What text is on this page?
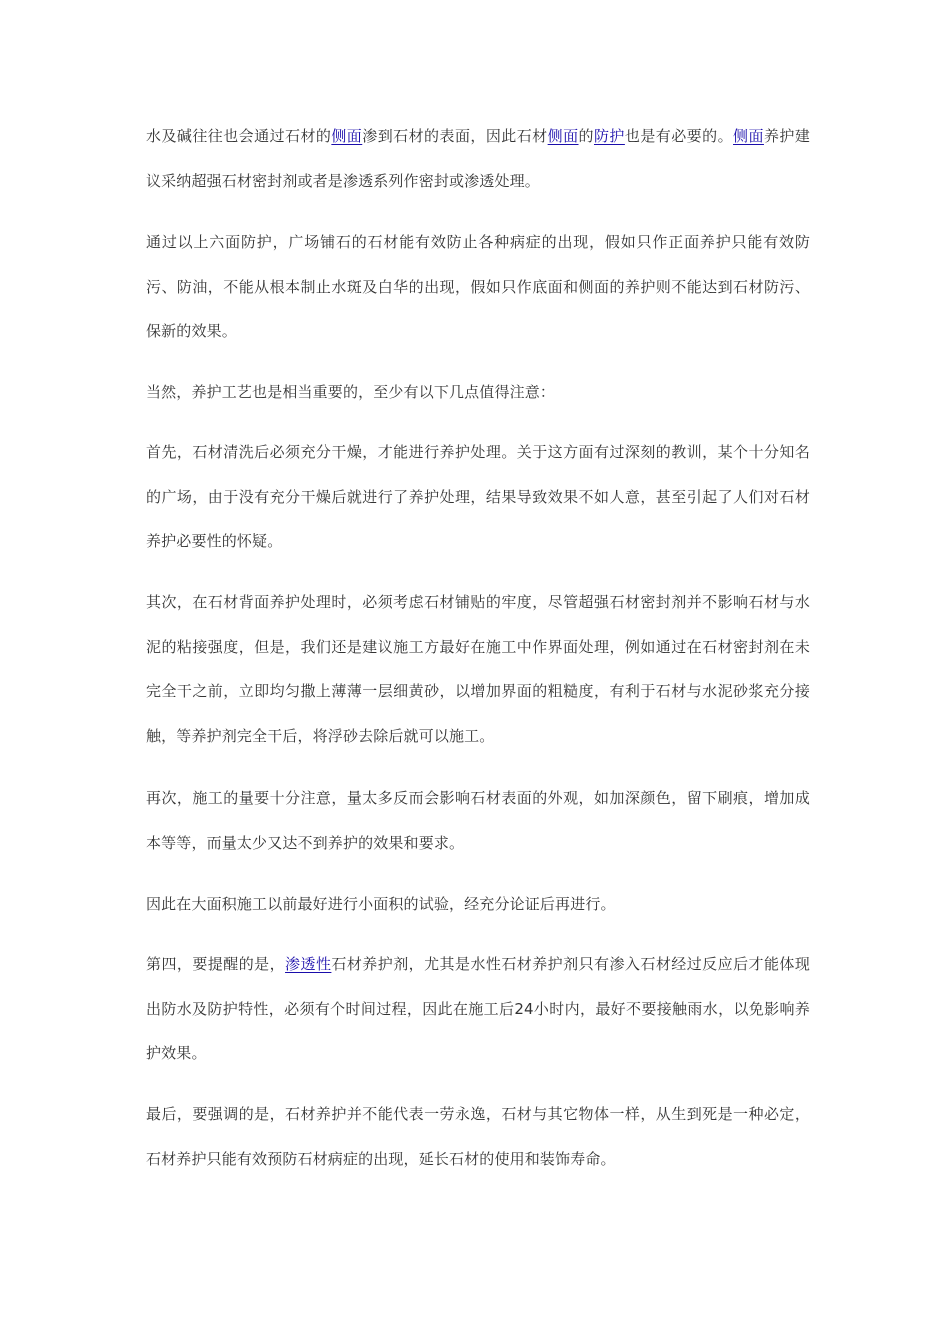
水及碱往往也会通过石材的侧面渗到石材的表面，因此石材侧面的防护也是有必要的。侧面养护建议采纳超强石材密封剂或者是渗透系列作密封或渗透处理。

通过以上六面防护，广场铺石的石材能有效防止各种病症的出现，假如只作正面养护只能有效防污、防油，不能从根本制止水斑及白华的出现，假如只作底面和侧面的养护则不能达到石材防污、保新的效果。

当然，养护工艺也是相当重要的，至少有以下几点值得注意：

首先，石材清洗后必须充分干燥，才能进行养护处理。关于这方面有过深刻的教训，某个十分知名的广场，由于没有充分干燥后就进行了养护处理，结果导致效果不如人意，甚至引起了人们对石材养护必要性的怀疑。

其次，在石材背面养护处理时，必须考虑石材铺贴的牢度，尽管超强石材密封剂并不影响石材与水泥的粘接强度，但是，我们还是建议施工方最好在施工中作界面处理，例如通过在石材密封剂在未完全干之前，立即均匀撒上薄薄一层细黄砂，以增加界面的粗糙度，有利于石材与水泥砂浆充分接触，等养护剂完全干后，将浮砂去除后就可以施工。

再次，施工的量要十分注意，量太多反而会影响石材表面的外观，如加深颜色，留下刷痕，增加成本等等，而量太少又达不到养护的效果和要求。

因此在大面积施工以前最好进行小面积的试验，经充分论证后再进行。

第四，要提醒的是，渗透性石材养护剂，尤其是水性石材养护剂只有渗入石材经过反应后才能体现出防水及防护特性，必须有个时间过程，因此在施工后24小时内，最好不要接触雨水，以免影响养护效果。

最后，要强调的是，石材养护并不能代表一劳永逸，石材与其它物体一样，从生到死是一种必定，石材养护只能有效预防石材病症的出现，延长石材的使用和装饰寿命。
